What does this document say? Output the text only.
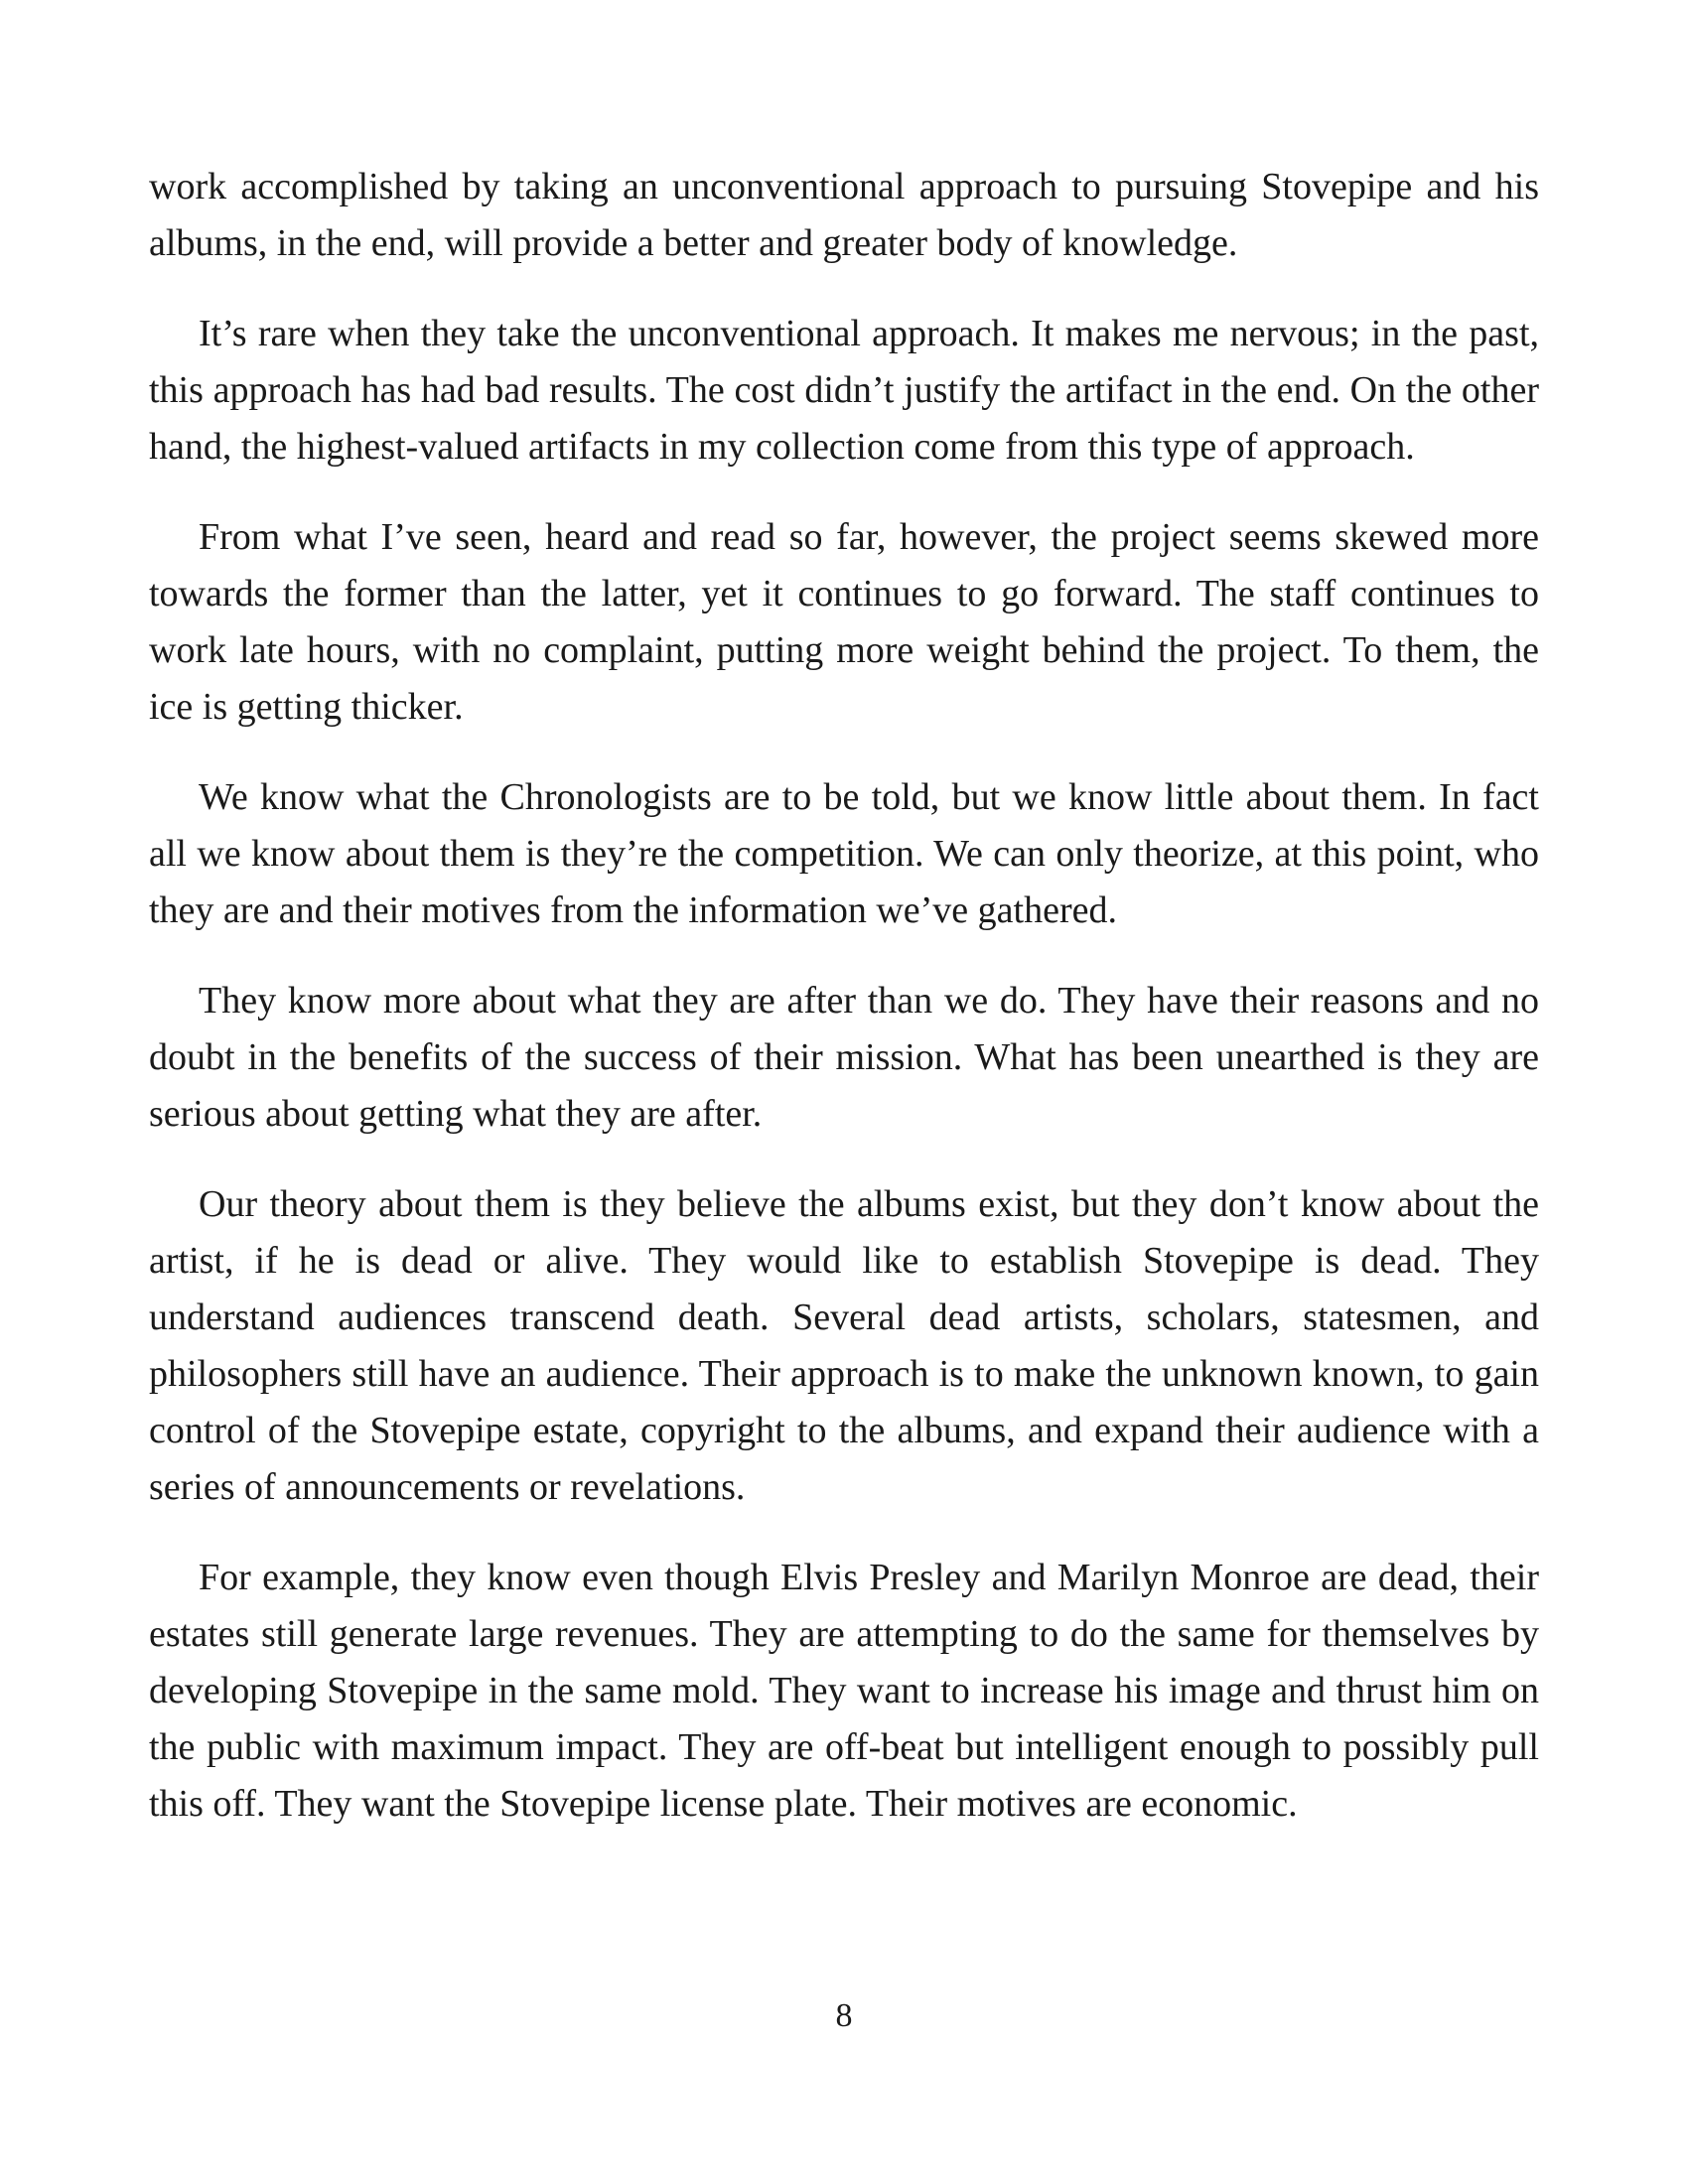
work accomplished by taking an unconventional approach to pursuing Stovepipe and his albums, in the end, will provide a better and greater body of knowledge.

It’s rare when they take the unconventional approach. It makes me nervous; in the past, this approach has had bad results. The cost didn’t justify the artifact in the end. On the other hand, the highest-valued artifacts in my collection come from this type of approach.

From what I’ve seen, heard and read so far, however, the project seems skewed more towards the former than the latter, yet it continues to go forward. The staff continues to work late hours, with no complaint, putting more weight behind the project. To them, the ice is getting thicker.

We know what the Chronologists are to be told, but we know little about them. In fact all we know about them is they’re the competition. We can only theorize, at this point, who they are and their motives from the information we’ve gathered.

They know more about what they are after than we do. They have their reasons and no doubt in the benefits of the success of their mission. What has been unearthed is they are serious about getting what they are after.

Our theory about them is they believe the albums exist, but they don’t know about the artist, if he is dead or alive. They would like to establish Stovepipe is dead. They understand audiences transcend death. Several dead artists, scholars, statesmen, and philosophers still have an audience. Their approach is to make the unknown known, to gain control of the Stovepipe estate, copyright to the albums, and expand their audience with a series of announcements or revelations.

For example, they know even though Elvis Presley and Marilyn Monroe are dead, their estates still generate large revenues. They are attempting to do the same for themselves by developing Stovepipe in the same mold. They want to increase his image and thrust him on the public with maximum impact. They are off-beat but intelligent enough to possibly pull this off. They want the Stovepipe license plate. Their motives are economic.

8
